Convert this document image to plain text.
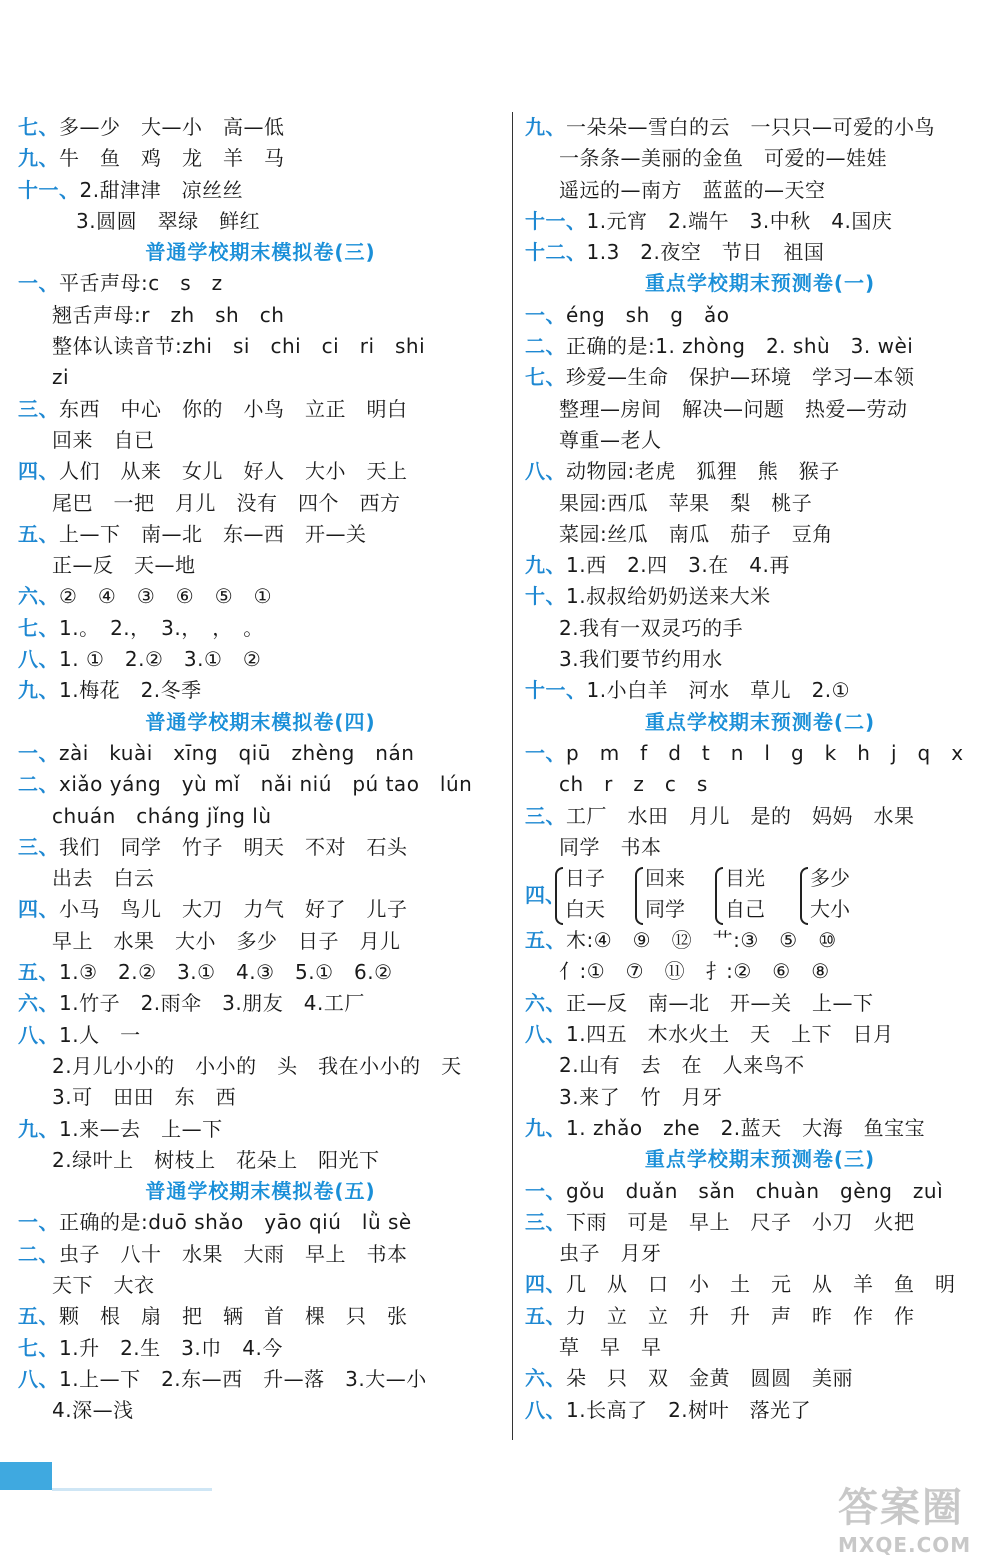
七、多—少　大—小　高—低
九、牛　鱼　鸡　龙　羊　马
十一、2.甜津津　凉丝丝
3.圆圆　翠绿　鲜红
普通学校期末模拟卷(三)
一、平舌声母:c　s　z
翘舌声母:r　zh　sh　ch
整体认读音节:zhi　si　chi　ci　ri　shi
zi
三、东西　中心　你的　小鸟　立正　明白
回来　自已
四、人们　从来　女儿　好人　大小　天上
尾巴　一把　月儿　没有　四个　西方
五、上—下　南—北　东—西　开—关
正—反　天—地
六、②　④　③　⑥　⑤　①
七、1.。　2.，　3.，　，　。
八、1. ①　2.②　3.①　②
九、1.梅花　2.冬季
普通学校期末模拟卷(四)
一、zài　kuài　xīng　qiū　zhèng　nán
二、xiǎo yáng　yù mǐ　nǎi niú　pú tao　lún
chuán　cháng jǐng lù
三、我们　同学　竹子　明天　不对　石头
出去　白云
四、小马　鸟儿　大刀　力气　好了　儿子
早上　水果　大小　多少　日子　月儿
五、1.③　2.②　3.①　4.③　5.①　6.②
六、1.竹子　2.雨伞　3.朋友　4.工厂
八、1.人　一
2.月儿小小的　小小的　头　我在小小的　天
3.可　田田　东　西
九、1.来—去　上—下
2.绿叶上　树枝上　花朵上　阳光下
普通学校期末模拟卷(五)
一、正确的是:duō shǎo　yāo qiú　lǜ sè
二、虫子　八十　水果　大雨　早上　书本
天下　大衣
五、颗　根　扇　把　辆　首　棵　只　张
七、1.升　2.生　3.巾　4.今
八、1.上—下　2.东—西　升—落　3.大—小
4.深—浅
九、一朵朵—雪白的云　一只只—可爱的小鸟
一条条—美丽的金鱼　可爱的—娃娃
遥远的—南方　蓝蓝的—天空
十一、1.元宵　2.端午　3.中秋　4.国庆
十二、1.3　2.夜空　节日　祖国
重点学校期末预测卷(一)
一、éng　sh　g　ǎo
二、正确的是:1. zhòng　2. shù　3. wèi
七、珍爱—生命　保护—环境　学习—本领
整理—房间　解决—问题　热爱—劳动
尊重—老人
八、动物园:老虎　狐狸　熊　猴子
果园:西瓜　苹果　梨　桃子
菜园:丝瓜　南瓜　茄子　豆角
九、1.西　2.四　3.在　4.再
十、1.叔叔给奶奶送来大米
2.我有一双灵巧的手
3.我们要节约用水
十一、1.小白羊　河水　草儿　2.①
重点学校期末预测卷(二)
一、p　m　f　d　t　n　l　g　k　h　j　q　x
ch　r　z　c　s
三、工厂　水田　月儿　是的　妈妈　水果
同学　书本
四、
日子
白天
回来
同学
目光
自己
多少
大小
五、木:④　⑨　⑫　艹:③　⑤　⑩
亻:①　⑦　⑪　扌:②　⑥　⑧
六、正—反　南—北　开—关　上—下
八、1.四五　木水火土　天　上下　日月
2.山有　去　在　人来鸟不
3.来了　竹　月牙
九、1. zhǎo　zhe　2.蓝天　大海　鱼宝宝
重点学校期末预测卷(三)
一、gǒu　duǎn　sǎn　chuàn　gèng　zuì
三、下雨　可是　早上　尺子　小刀　火把
虫子　月牙
四、几　从　口　小　土　元　从　羊　鱼　明
五、力　立　立　升　升　声　昨　作　作
草　早　早
六、朵　只　双　金黄　圆圆　美丽
八、1.长高了　2.树叶　落光了
答案圈
MXQE.COM
